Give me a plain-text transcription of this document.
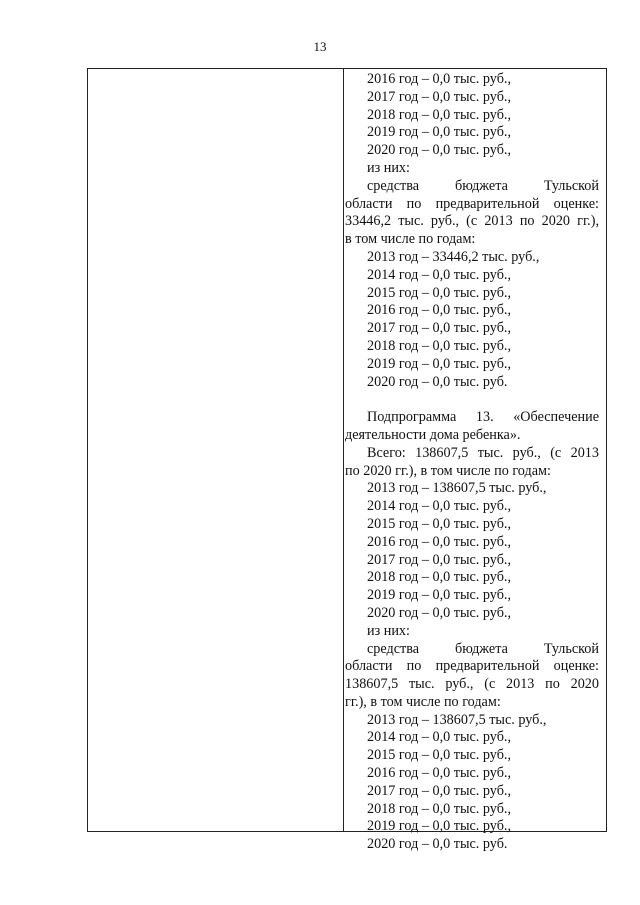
13
2016 год – 0,0 тыс. руб.,
2017 год – 0,0 тыс. руб.,
2018 год – 0,0 тыс. руб.,
2019 год – 0,0 тыс. руб.,
2020 год – 0,0 тыс. руб.,
из них:
средства бюджета Тульской
области по предварительной оценке:
33446,2 тыс. руб., (с 2013 по 2020 гг.),
в том числе по годам:
2013 год – 33446,2 тыс. руб.,
2014 год – 0,0 тыс. руб.,
2015 год – 0,0 тыс. руб.,
2016 год – 0,0 тыс. руб.,
2017 год – 0,0 тыс. руб.,
2018 год – 0,0 тыс. руб.,
2019 год – 0,0 тыс. руб.,
2020 год – 0,0 тыс. руб.
Подпрограмма 13. «Обеспечение
деятельности дома ребенка».
Всего: 138607,5 тыс. руб., (с 2013
по 2020 гг.), в том числе по годам:
2013 год – 138607,5 тыс. руб.,
2014 год – 0,0 тыс. руб.,
2015 год – 0,0 тыс. руб.,
2016 год – 0,0 тыс. руб.,
2017 год – 0,0 тыс. руб.,
2018 год – 0,0 тыс. руб.,
2019 год – 0,0 тыс. руб.,
2020 год – 0,0 тыс. руб.,
из них:
средства бюджета Тульской
области по предварительной оценке:
138607,5 тыс. руб., (с 2013 по 2020
гг.), в том числе по годам:
2013 год – 138607,5 тыс. руб.,
2014 год – 0,0 тыс. руб.,
2015 год – 0,0 тыс. руб.,
2016 год – 0,0 тыс. руб.,
2017 год – 0,0 тыс. руб.,
2018 год – 0,0 тыс. руб.,
2019 год – 0,0 тыс. руб.,
2020 год – 0,0 тыс. руб.
